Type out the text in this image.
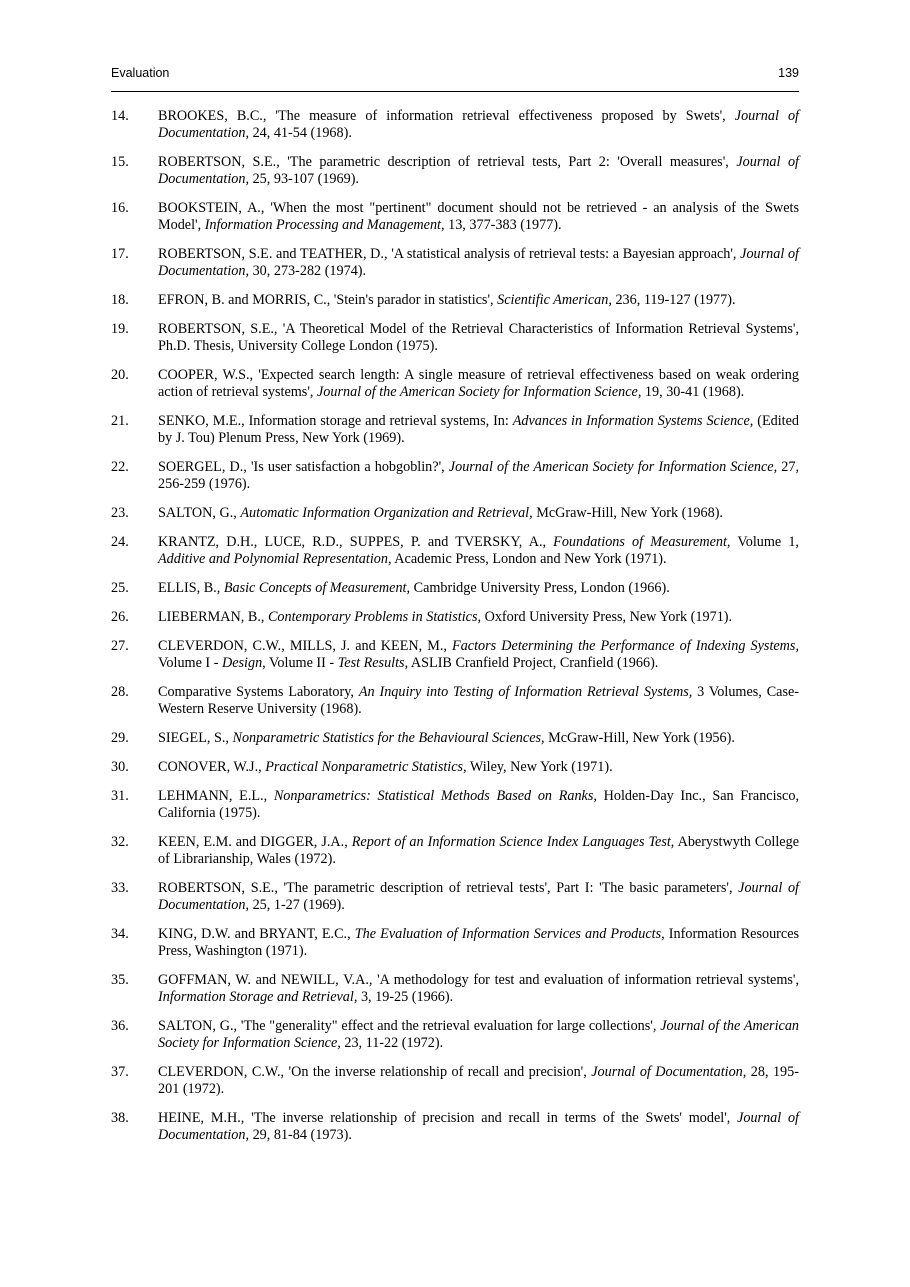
Evaluation	139
14. BROOKES, B.C., 'The measure of information retrieval effectiveness proposed by Swets', Journal of Documentation, 24, 41-54 (1968).
15. ROBERTSON, S.E., 'The parametric description of retrieval tests, Part 2: 'Overall measures', Journal of Documentation, 25, 93-107 (1969).
16. BOOKSTEIN, A., 'When the most "pertinent" document should not be retrieved - an analysis of the Swets Model', Information Processing and Management, 13, 377-383 (1977).
17. ROBERTSON, S.E. and TEATHER, D., 'A statistical analysis of retrieval tests: a Bayesian approach', Journal of Documentation, 30, 273-282 (1974).
18. EFRON, B. and MORRIS, C., 'Stein's parador in statistics', Scientific American, 236, 119-127 (1977).
19. ROBERTSON, S.E., 'A Theoretical Model of the Retrieval Characteristics of Information Retrieval Systems', Ph.D. Thesis, University College London (1975).
20. COOPER, W.S., 'Expected search length: A single measure of retrieval effectiveness based on weak ordering action of retrieval systems', Journal of the American Society for Information Science, 19, 30-41 (1968).
21. SENKO, M.E., Information storage and retrieval systems, In: Advances in Information Systems Science, (Edited by J. Tou) Plenum Press, New York (1969).
22. SOERGEL, D., 'Is user satisfaction a hobgoblin?', Journal of the American Society for Information Science, 27, 256-259 (1976).
23. SALTON, G., Automatic Information Organization and Retrieval, McGraw-Hill, New York (1968).
24. KRANTZ, D.H., LUCE, R.D., SUPPES, P. and TVERSKY, A., Foundations of Measurement, Volume 1, Additive and Polynomial Representation, Academic Press, London and New York (1971).
25. ELLIS, B., Basic Concepts of Measurement, Cambridge University Press, London (1966).
26. LIEBERMAN, B., Contemporary Problems in Statistics, Oxford University Press, New York (1971).
27. CLEVERDON, C.W., MILLS, J. and KEEN, M., Factors Determining the Performance of Indexing Systems, Volume I - Design, Volume II - Test Results, ASLIB Cranfield Project, Cranfield (1966).
28. Comparative Systems Laboratory, An Inquiry into Testing of Information Retrieval Systems, 3 Volumes, Case-Western Reserve University (1968).
29. SIEGEL, S., Nonparametric Statistics for the Behavioural Sciences, McGraw-Hill, New York (1956).
30. CONOVER, W.J., Practical Nonparametric Statistics, Wiley, New York (1971).
31. LEHMANN, E.L., Nonparametrics: Statistical Methods Based on Ranks, Holden-Day Inc., San Francisco, California (1975).
32. KEEN, E.M. and DIGGER, J.A., Report of an Information Science Index Languages Test, Aberystwyth College of Librarianship, Wales (1972).
33. ROBERTSON, S.E., 'The parametric description of retrieval tests', Part I: 'The basic parameters', Journal of Documentation, 25, 1-27 (1969).
34. KING, D.W. and BRYANT, E.C., The Evaluation of Information Services and Products, Information Resources Press, Washington (1971).
35. GOFFMAN, W. and NEWILL, V.A., 'A methodology for test and evaluation of information retrieval systems', Information Storage and Retrieval, 3, 19-25 (1966).
36. SALTON, G., 'The "generality" effect and the retrieval evaluation for large collections', Journal of the American Society for Information Science, 23, 11-22 (1972).
37. CLEVERDON, C.W., 'On the inverse relationship of recall and precision', Journal of Documentation, 28, 195-201 (1972).
38. HEINE, M.H., 'The inverse relationship of precision and recall in terms of the Swets' model', Journal of Documentation, 29, 81-84 (1973).
